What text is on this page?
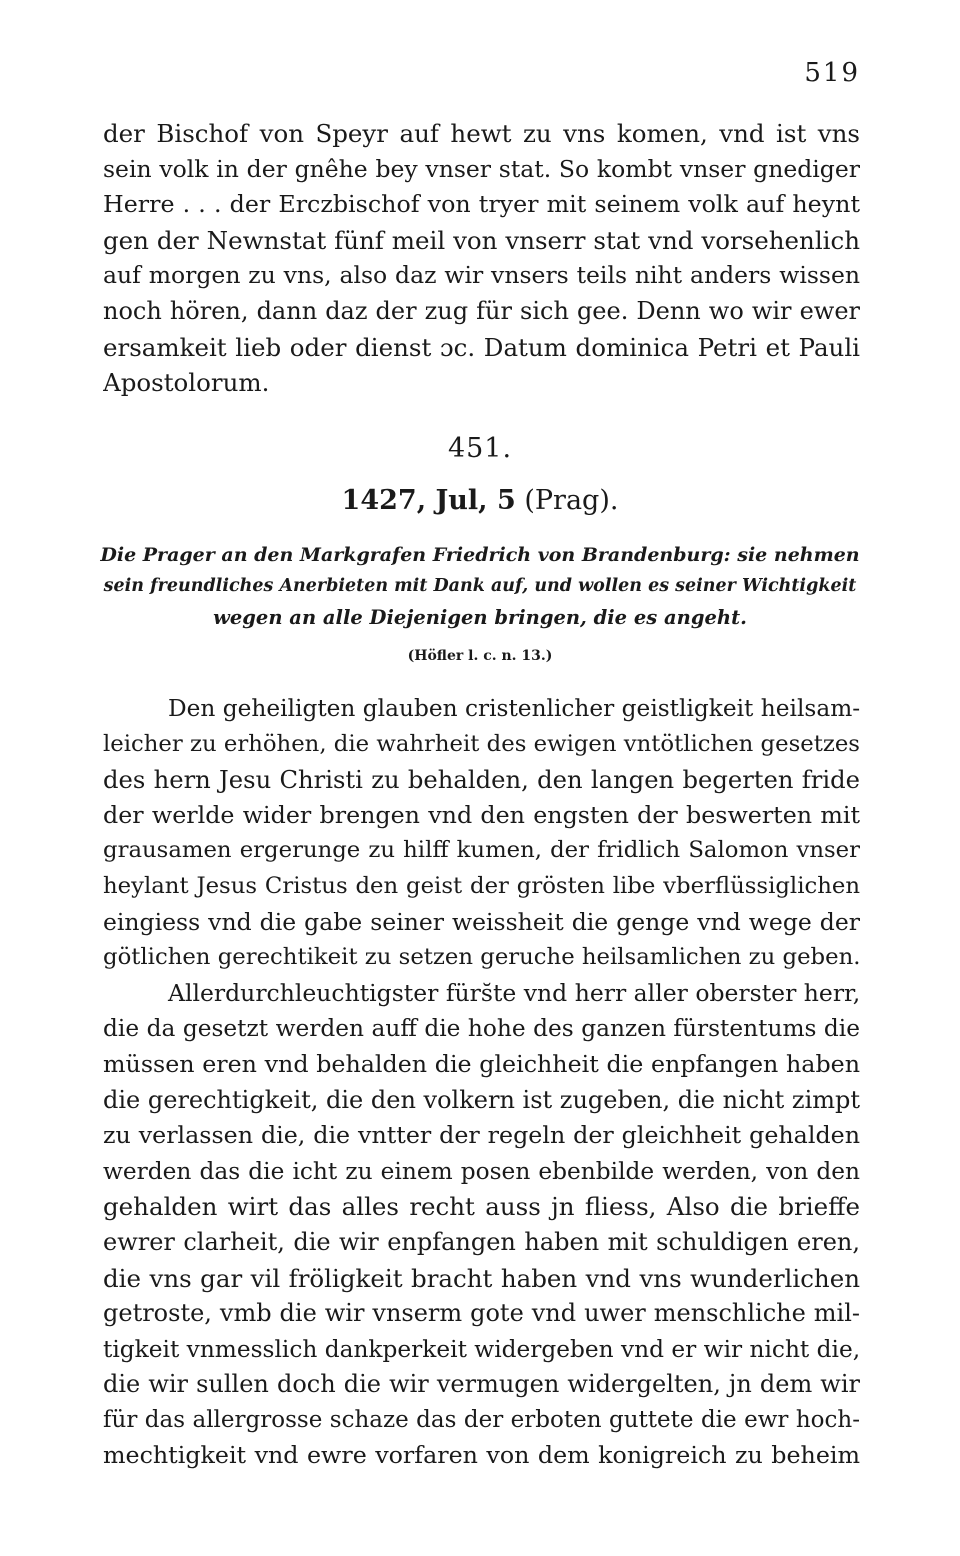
519
der Bischof von Speyr auf hewt zu vns komen, vnd ist vns
sein volk in der gnêhe bey vnser stat. So kombt vnser gnediger
Herre . . . der Erczbischof von tryer mit seinem volk auf heynt
gen der Newnstat fünf meil von vnserr stat vnd vorsehenlich
auf morgen zu vns, also daz wir vnsers teils niht anders wissen
noch hören, dann daz der zug für sich gee. Denn wo wir ewer
ersamkeit lieb oder dienst ɔc. Datum dominica Petri et Pauli
Apostolorum.
451.
1427, Jul, 5 (Prag).
Die Prager an den Markgrafen Friedrich von Brandenburg: sie nehmen
sein freundliches Anerbieten mit Dank auf, und wollen es seiner Wichtigkeit
wegen an alle Diejenigen bringen, die es angeht.
(Höfler l. c. n. 13.)
Den geheiligten glauben cristenlicher geistligkeit heilsam-
leicher zu erhöhen, die wahrheit des ewigen vntötlichen gesetzes
des hern Jesu Christi zu behalden, den langen begerten fride
der werlde wider brengen vnd den engsten der beswerten mit
grausamen ergerunge zu hilff kumen, der fridlich Salomon vnser
heylant Jesus Cristus den geist der grösten libe vberflüssiglichen
eingiess vnd die gabe seiner weissheit die genge vnd wege der
götlichen gerechtikeit zu setzen geruche heilsamlichen zu geben.
Allerdurchleuchtigster fürs̆te vnd herr aller oberster herr,
die da gesetzt werden auff die hohe des ganzen fürstentums die
müssen eren vnd behalden die gleichheit die enpfangen haben
die gerechtigkeit, die den volkern ist zugeben, die nicht zimpt
zu verlassen die, die vntter der regeln der gleichheit gehalden
werden das die icht zu einem posen ebenbilde werden, von den
gehalden wirt das alles recht auss jn fliess, Also die brieffe
ewrer clarheit, die wir enpfangen haben mit schuldigen eren,
die vns gar vil fröligkeit bracht haben vnd vns wunderlichen
getroste, vmb die wir vnserm gote vnd uwer menschliche mil-
tigkeit vnmesslich dankperkeit widergeben vnd er wir nicht die,
die wir sullen doch die wir vermugen widergelten, jn dem wir
für das allergrosse schaze das der erboten guttete die ewr hoch-
mechtigkeit vnd ewre vorfaren von dem konigreich zu beheim
